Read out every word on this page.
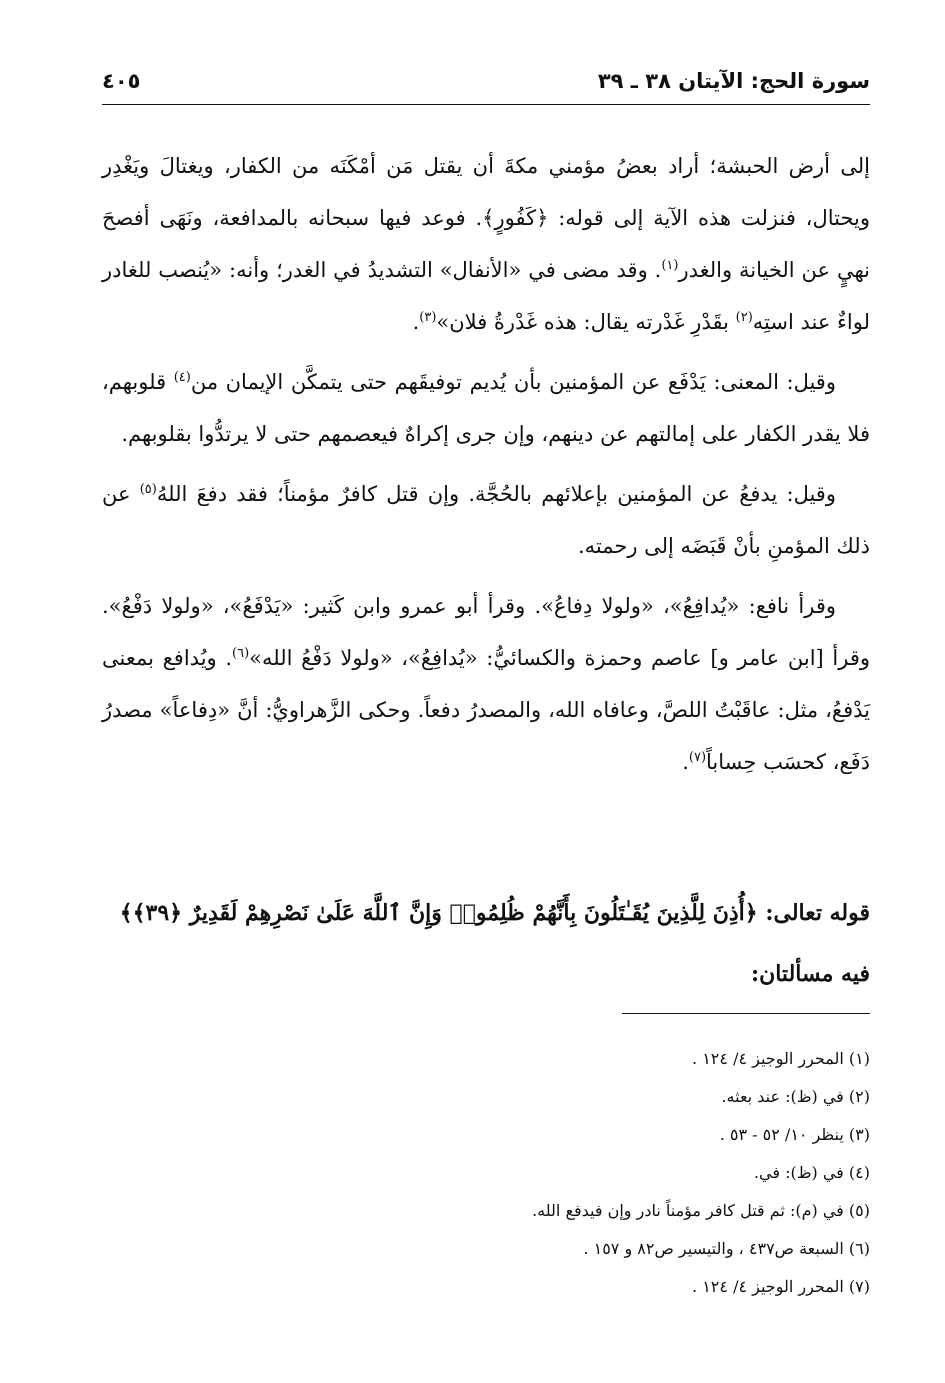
سورة الحج: الآيتان ٣٨ ـ ٣٩
٤٠٥

إلى أرض الحبشة؛ أراد بعضُ مؤمني مكةَ أن يقتل مَن أمْكَنَه من الكفار، ويغتالَ ويَغْدِر ويحتال، فنزلت هذه الآية إلى قوله: ﴿كَفُورٍ﴾. فوعد فيها سبحانه بالمدافعة، ونَهَى أفصحَ نهيٍ عن الخيانة والغدر$^{(١)}$. وقد مضى في «الأنفال» التشديدُ في الغدر؛ وأنه: «يُنصب للغادر لواءٌ عند استِه$^{(٢)}$ بقَدْرِ غَدْرته يقال: هذه غَدْرةُ فلان»$^{(٣)}$.

وقيل: المعنى: يَدْفَع عن المؤمنين بأن يُديم توفيقَهم حتى يتمكَّن الإيمان من$^{(٤)}$ قلوبهم، فلا يقدر الكفار على إمالتهم عن دينهم، وإن جرى إكراهٌ فيعصمهم حتى لا يرتدُّوا بقلوبهم.

وقيل: يدفعُ عن المؤمنين بإعلائهم بالحُجَّة. وإن قتل كافرٌ مؤمناً؛ فقد دفعَ اللهُ$^{(٥)}$ عن ذلك المؤمنِ بأنْ قَبَضَه إلى رحمته.

وقرأ نافع: «يُدافِعُ»، «ولولا دِفاعُ». وقرأ أبو عمرو وابن كَثير: «يَدْفَعُ»، «ولولا دَفْعُ». وقرأ [ابن عامر و] عاصم وحمزة والكسائيُّ: «يُدافِعُ»، «ولولا دَفْعُ الله»$^{(٦)}$. ويُدافع بمعنى يَدْفعُ، مثل: عاقَبْتُ اللصَّ، وعافاه الله، والمصدرُ دفعاً. وحكى الزَّهراويُّ: أنَّ «دِفاعاً» مصدرُ دَفَع، كحسَب حِساباً$^{(٧)}$.

قوله تعالى: ﴿أُذِنَ لِلَّذِينَ يُقَـٰتَلُونَ بِأَنَّهُمْ ظُلِمُوا۟ وَإِنَّ ٱللَّهَ عَلَىٰ نَصْرِهِمْ لَقَدِيرٌ ﴿٣٩﴾﴾
فيه مسألتان:
(١) المحرر الوجيز ٤/ ١٢٤ .
(٢) في (ظ): عند بعثه.
(٣) ينظر ١٠/ ٥٢ - ٥٣ .
(٤) في (ظ): في.
(٥) في (م): ثم قتل كافر مؤمناً نادر وإن فيدفع الله.
(٦) السبعة ص٤٣٧ ، والتيسير ص٨٢ و ١٥٧ .
(٧) المحرر الوجيز ٤/ ١٢٤ .
